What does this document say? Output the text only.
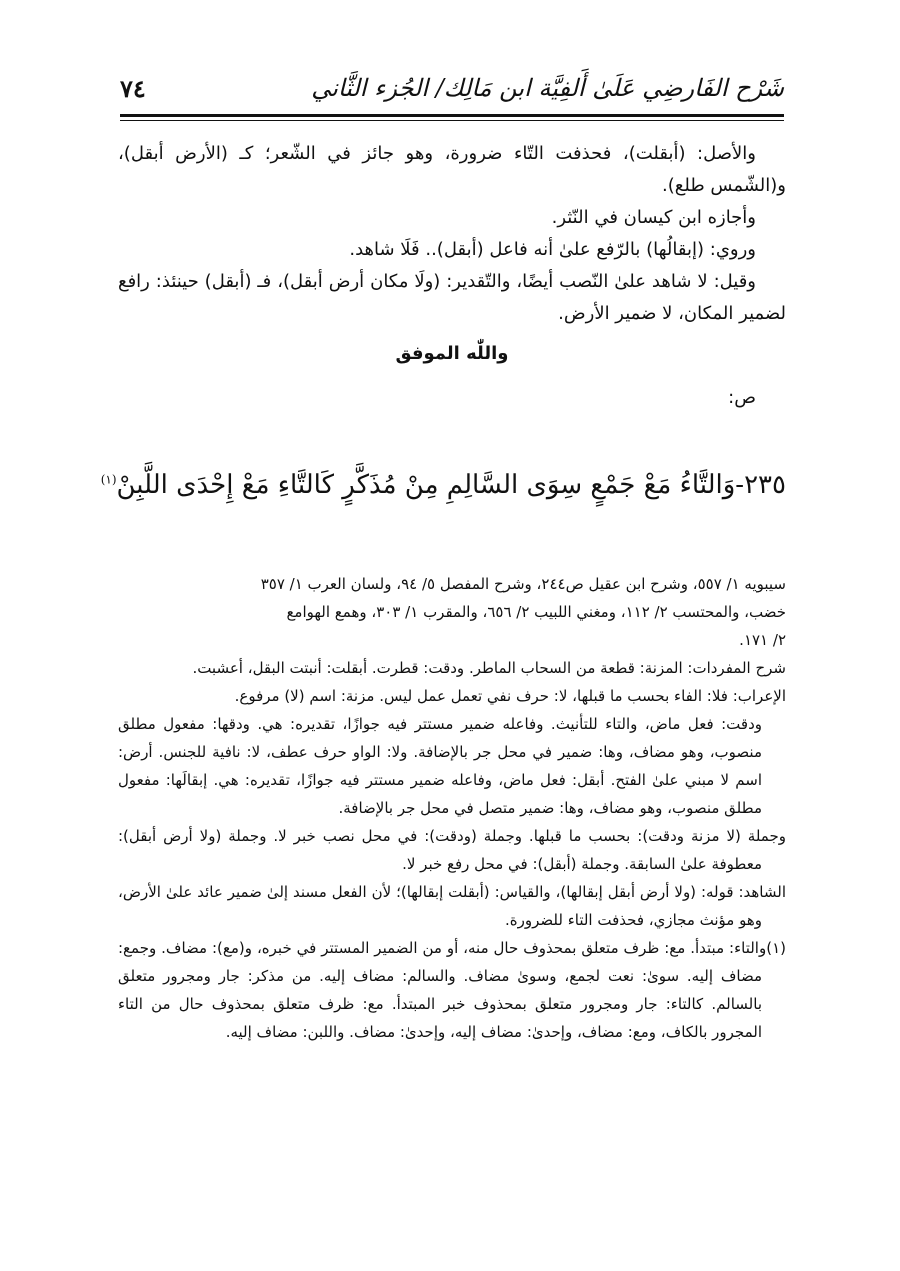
شَرْح الفَارضِي عَلَىٰ أَلفِيَّة ابن مَالِك/ الجُزء الثَّاني
٧٤

والأصل: (أبقلت)، فحذفت التّاء ضرورة، وهو جائز في الشّعر؛ كـ (الأرض أبقل)، و(الشّمس طلع).

وأجازه ابن كيسان في النّثر.

وروي: (إبقالُها) بالرّفع علىٰ أنه فاعل (أبقل).. فَلَا شاهد.

وقيل: لا شاهد علىٰ النّصب أيضًا، والتّقدير: (ولَا مكان أرض أبقل)، فـ (أبقل) حينئذ: رافع لضمير المكان، لا ضمير الأرض.

واللّٰه الموفق

ص:

٢٣٥-وَالتَّاءُ مَعْ جَمْعٍ سِوَى السَّالِمِ مِنْ مُذَكَّرٍ كَالتَّاءِ مَعْ إِحْدَى اللَّبِنْ$^{(١)}$

سيبويه ١/ ٥٥٧، وشرح ابن عقيل ص٢٤٤، وشرح المفصل ٥/ ٩٤، ولسان العرب ١/ ٣٥٧

خضب، والمحتسب ٢/ ١١٢، ومغني اللبيب ٢/ ٦٥٦، والمقرب ١/ ٣٠٣، وهمع الهوامع

٢/ ١٧١.

شرح المفردات: المزنة: قطعة من السحاب الماطر. ودقت: قطرت. أبقلت: أنبتت البقل، أعشبت.

الإعراب: فلا: الفاء بحسب ما قبلها، لا: حرف نفي تعمل عمل ليس. مزنة: اسم (لا) مرفوع.

ودقت: فعل ماض، والتاء للتأنيث. وفاعله ضمير مستتر فيه جوازًا، تقديره: هي. ودقها: مفعول مطلق منصوب، وهو مضاف، وها: ضمير في محل جر بالإضافة. ولا: الواو حرف عطف، لا: نافية للجنس. أرض: اسم لا مبني علىٰ الفتح. أبقل: فعل ماض، وفاعله ضمير مستتر فيه جوازًا، تقديره: هي. إبقالَها: مفعول مطلق منصوب، وهو مضاف، وها: ضمير متصل في محل جر بالإضافة.

وجملة (لا مزنة ودقت): بحسب ما قبلها. وجملة (ودقت): في محل نصب خبر لا. وجملة (ولا أرض أبقل): معطوفة علىٰ السابقة. وجملة (أبقل): في محل رفع خبر لا.

الشاهد: قوله: (ولا أرض أبقل إبقالها)، والقياس: (أبقلت إبقالها)؛ لأن الفعل مسند إلىٰ ضمير عائد علىٰ الأرض، وهو مؤنث مجازي، فحذفت التاء للضرورة.

(١)والتاء: مبتدأ. مع: ظرف متعلق بمحذوف حال منه، أو من الضمير المستتر في خبره، و(مع): مضاف. وجمع: مضاف إليه. سوىٰ: نعت لجمع، وسوىٰ مضاف. والسالم: مضاف إليه. من مذكر: جار ومجرور متعلق بالسالم. كالتاء: جار ومجرور متعلق بمحذوف خبر المبتدأ. مع: ظرف متعلق بمحذوف حال من التاء المجرور بالكاف، ومع: مضاف، وإحدىٰ: مضاف إليه، وإحدىٰ: مضاف. واللبن: مضاف إليه.
